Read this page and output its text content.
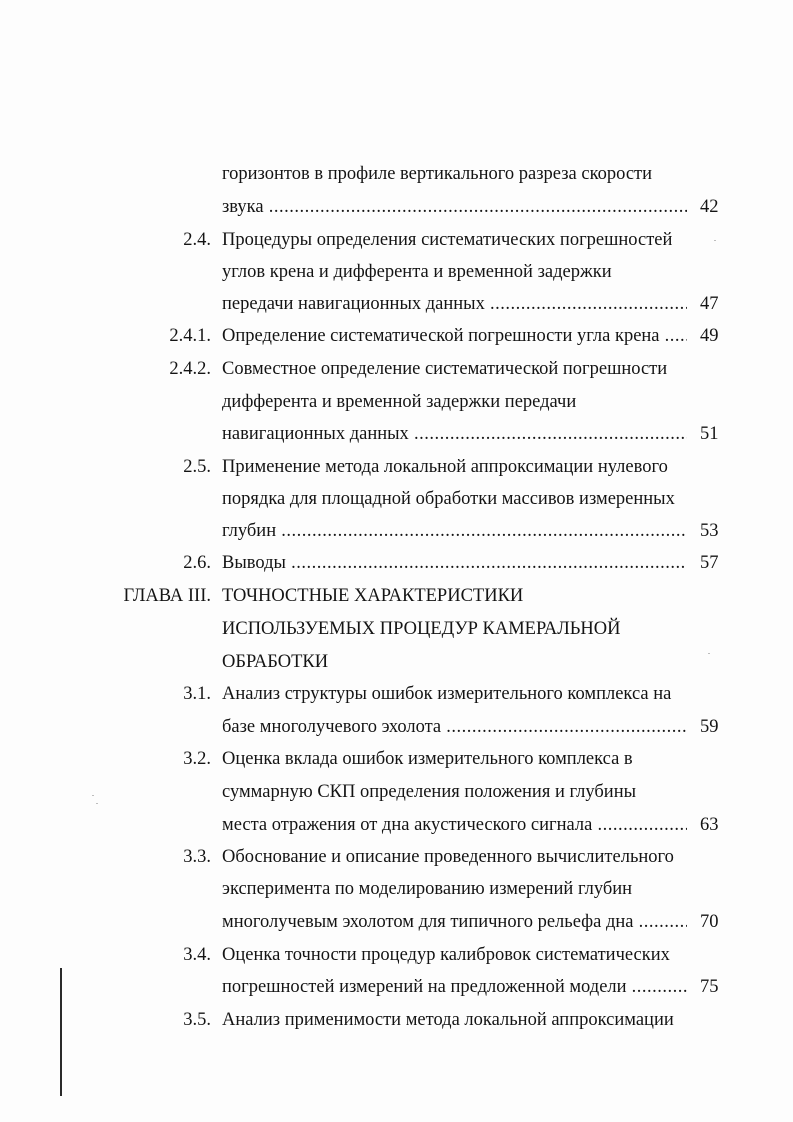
горизонтов в профиле вертикального разреза скорости
звука .....	42
2.4. Процедуры определения систематических погрешностей
углов крена и дифферента и временной задержки
передачи навигационных данных .....	47
2.4.1. Определение систематической погрешности угла крена .....	49
2.4.2. Совместное определение систематической погрешности
дифферента и временной задержки передачи
навигационных данных .....	51
2.5. Применение метода локальной аппроксимации нулевого
порядка для площадной обработки массивов измеренных
глубин .....	53
2.6. Выводы .....	57
ГЛАВА III. ТОЧНОСТНЫЕ ХАРАКТЕРИСТИКИ
ИСПОЛЬЗУЕМЫХ ПРОЦЕДУР КАМЕРАЛЬНОЙ
ОБРАБОТКИ
3.1. Анализ структуры ошибок измерительного комплекса на
базе многолучевого эхолота .....	59
3.2. Оценка вклада ошибок измерительного комплекса в
суммарную СКП определения положения и глубины
места отражения от дна акустического сигнала .....	63
3.3. Обоснование и описание проведенного вычислительного
эксперимента по моделированию измерений глубин
многолучевым эхолотом для типичного рельефа дна .....	70
3.4. Оценка точности процедур калибровок систематических
погрешностей измерений на предложенной модели .....	75
3.5. Анализ применимости метода локальной аппроксимации
